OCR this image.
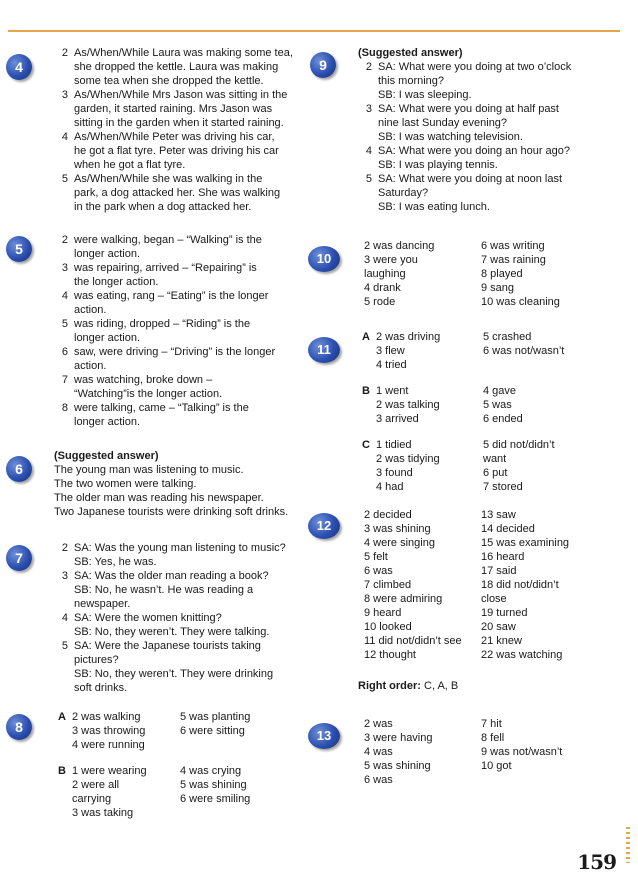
4
2 As/When/While Laura was making some tea,
she dropped the kettle. Laura was making
some tea when she dropped the kettle.
3 As/When/While Mrs Jason was sitting in the
garden, it started raining. Mrs Jason was
sitting in the garden when it started raining.
4 As/When/While Peter was driving his car,
he got a flat tyre. Peter was driving his car
when he got a flat tyre.
5 As/When/While she was walking in the
park, a dog attacked her. She was walking
in the park when a dog attacked her.
5
2 were walking, began – “Walking” is the
longer action.
3 was repairing, arrived – “Repairing” is
the longer action.
4 was eating, rang – “Eating” is the longer
action.
5 was riding, dropped – “Riding” is the
longer action.
6 saw, were driving – “Driving” is the longer
action.
7 was watching, broke down –
“Watching”is the longer action.
8 were talking, came – “Talking” is the
longer action.
6
(Suggested answer)
The young man was listening to music.
The two women were talking.
The older man was reading his newspaper.
Two Japanese tourists were drinking soft drinks.
7
2 SA: Was the young man listening to music?
SB: Yes, he was.
3 SA: Was the older man reading a book?
SB: No, he wasn’t. He was reading a
newspaper.
4 SA: Were the women knitting?
SB: No, they weren’t. They were talking.
5 SA: Were the Japanese tourists taking
pictures?
SB: No, they weren’t. They were drinking
soft drinks.
8
A 2 was walking
3 was throwing
4 were running
5 was planting
6 were sitting
B 1 were wearing
2 were all
carrying
3 was taking
4 was crying
5 was shining
6 were smiling
9
(Suggested answer)
2 SA: What were you doing at two o’clock
this morning?
SB: I was sleeping.
3 SA: What were you doing at half past
nine last Sunday evening?
SB: I was watching television.
4 SA: What were you doing an hour ago?
SB: I was playing tennis.
5 SA: What were you doing at noon last
Saturday?
SB: I was eating lunch.
10
2 was dancing
3 were you
laughing
4 drank
5 rode
6 was writing
7 was raining
8 played
9 sang
10 was cleaning
11
A 2 was driving
3 flew
4 tried
5 crashed
6 was not/wasn’t
B 1 went
2 was talking
3 arrived
4 gave
5 was
6 ended
C 1 tidied
2 was tidying
3 found
4 had
5 did not/didn’t
want
6 put
7 stored
12
2 decided
3 was shining
4 were singing
5 felt
6 was
7 climbed
8 were admiring
9 heard
10 looked
11 did not/didn’t see
12 thought
13 saw
14 decided
15 was examining
16 heard
17 said
18 did not/didn’t
close
19 turned
20 saw
21 knew
22 was watching
Right order: C, A, B
13
2 was
3 were having
4 was
5 was shining
6 was
7 hit
8 fell
9 was not/wasn’t
10 got
159
